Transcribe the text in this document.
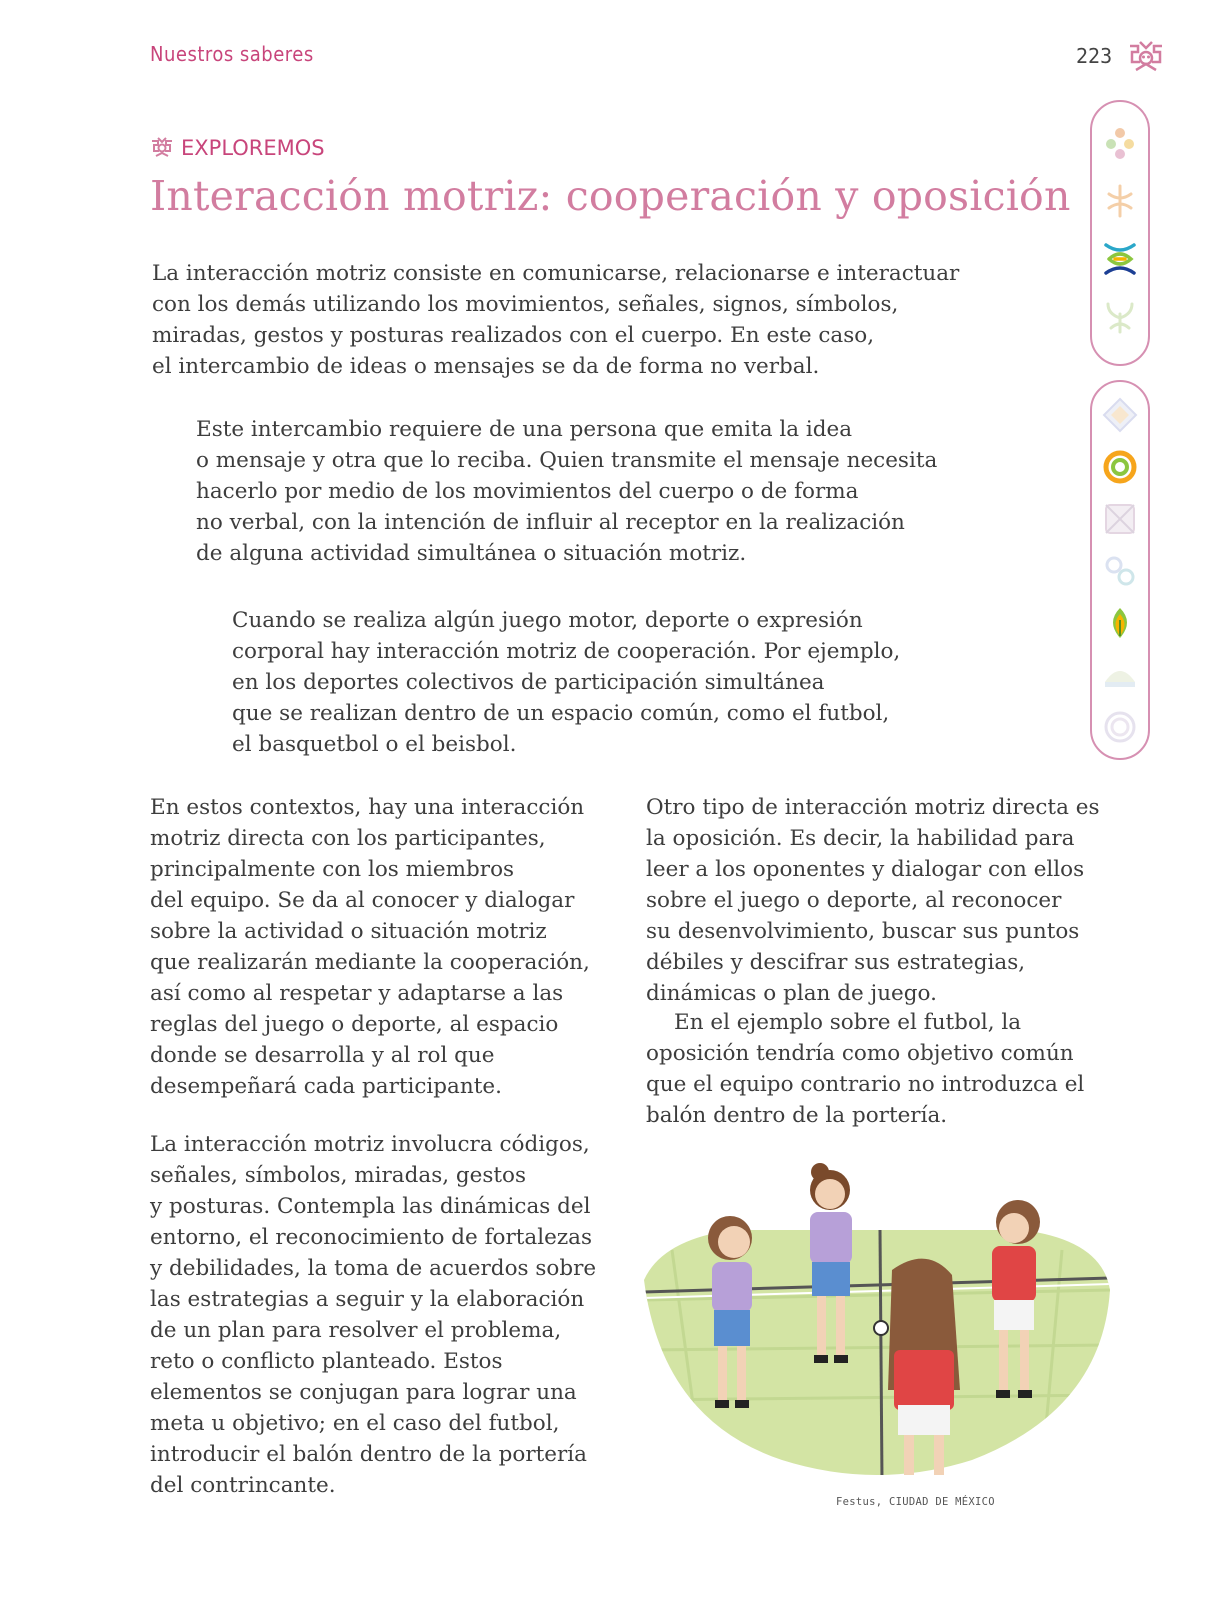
Nuestros saberes	223
EXPLOREMOS
Interacción motriz: cooperación y oposición

La interacción motriz consiste en comunicarse, relacionarse e interactuar
con los demás utilizando los movimientos, señales, signos, símbolos,
miradas, gestos y posturas realizados con el cuerpo. En este caso,
el intercambio de ideas o mensajes se da de forma no verbal.

Este intercambio requiere de una persona que emita la idea
o mensaje y otra que lo reciba. Quien transmite el mensaje necesita
hacerlo por medio de los movimientos del cuerpo o de forma
no verbal, con la intención de influir al receptor en la realización
de alguna actividad simultánea o situación motriz.

Cuando se realiza algún juego motor, deporte o expresión
corporal hay interacción motriz de cooperación. Por ejemplo,
en los deportes colectivos de participación simultánea
que se realizan dentro de un espacio común, como el futbol,
el basquetbol o el beisbol.

En estos contextos, hay una interacción
motriz directa con los participantes,
principalmente con los miembros
del equipo. Se da al conocer y dialogar
sobre la actividad o situación motriz
que realizarán mediante la cooperación,
así como al respetar y adaptarse a las
reglas del juego o deporte, al espacio
donde se desarrolla y al rol que
desempeñará cada participante.

La interacción motriz involucra códigos,
señales, símbolos, miradas, gestos
y posturas. Contempla las dinámicas del
entorno, el reconocimiento de fortalezas
y debilidades, la toma de acuerdos sobre
las estrategias a seguir y la elaboración
de un plan para resolver el problema,
reto o conflicto planteado. Estos
elementos se conjugan para lograr una
meta u objetivo; en el caso del futbol,
introducir el balón dentro de la portería
del contrincante.

Otro tipo de interacción motriz directa es
la oposición. Es decir, la habilidad para
leer a los oponentes y dialogar con ellos
sobre el juego o deporte, al reconocer
su desenvolvimiento, buscar sus puntos
débiles y descifrar sus estrategias,
dinámicas o plan de juego.

En el ejemplo sobre el futbol, la
oposición tendría como objetivo común
que el equipo contrario no introduzca el
balón dentro de la portería.

Festus, CIUDAD DE MÉXICO
